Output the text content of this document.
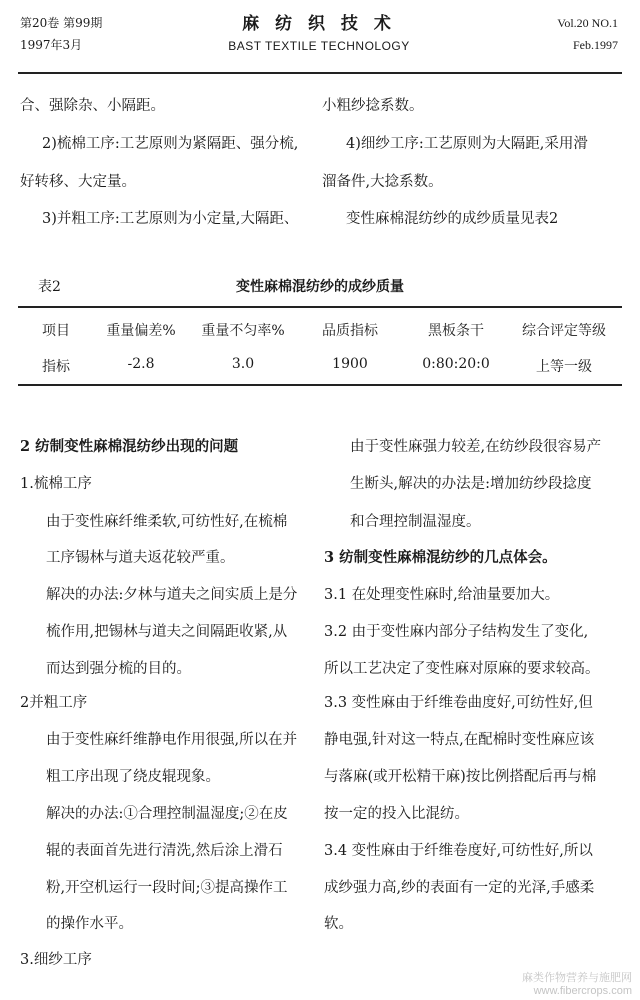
第20卷 第99期
1997年3月
麻 纺 织 技 术
BAST TEXTILE TECHNOLOGY
Vol.20 NO.1
Feb.1997
合、强除杂、小隔距。
2)梳棉工序:工艺原则为紧隔距、强分梳,
好转移、大定量。
3)并粗工序:工艺原则为小定量,大隔距、
小粗纱捻系数。
4)细纱工序:工艺原则为大隔距,采用滑
溜备件,大捻系数。
变性麻棉混纺纱的成纱质量见表2
表2	变性麻棉混纺纱的成纱质量
项目	重量偏差% 重量不匀率%	品质指标	黑板条干	综合评定等级
指标	-2.8	3.0	1900	0:80:20:0	上等一级
2 纺制变性麻棉混纺纱出现的问题
1.梳棉工序
由于变性麻纤维柔软,可纺性好,在梳棉
工序锡林与道夫返花较严重。
解决的办法:夕林与道夫之间实质上是分
梳作用,把锡林与道夫之间隔距收紧,从
而达到强分梳的目的。
2并粗工序
由于变性麻纤维静电作用很强,所以在并
粗工序出现了绕皮辊现象。
解决的办法:①合理控制温湿度;②在皮
辊的表面首先进行清洗,然后涂上滑石
粉,开空机运行一段时间;③提高操作工
的操作水平。
3.细纱工序
由于变性麻强力较差,在纺纱段很容易产
生断头,解决的办法是:增加纺纱段捻度
和合理控制温湿度。
3 纺制变性麻棉混纺纱的几点体会。
3.1 在处理变性麻时,给油量要加大。
3.2 由于变性麻内部分子结构发生了变化,
所以工艺决定了变性麻对原麻的要求较高。
3.3 变性麻由于纤维卷曲度好,可纺性好,但
静电强,针对这一特点,在配棉时变性麻应该
与落麻(或开松精干麻)按比例搭配后再与棉
按一定的投入比混纺。
3.4 变性麻由于纤维卷度好,可纺性好,所以
成纱强力高,纱的表面有一定的光泽,手感柔
软。
麻类作物营养与施肥网
www.fibercrops.com
